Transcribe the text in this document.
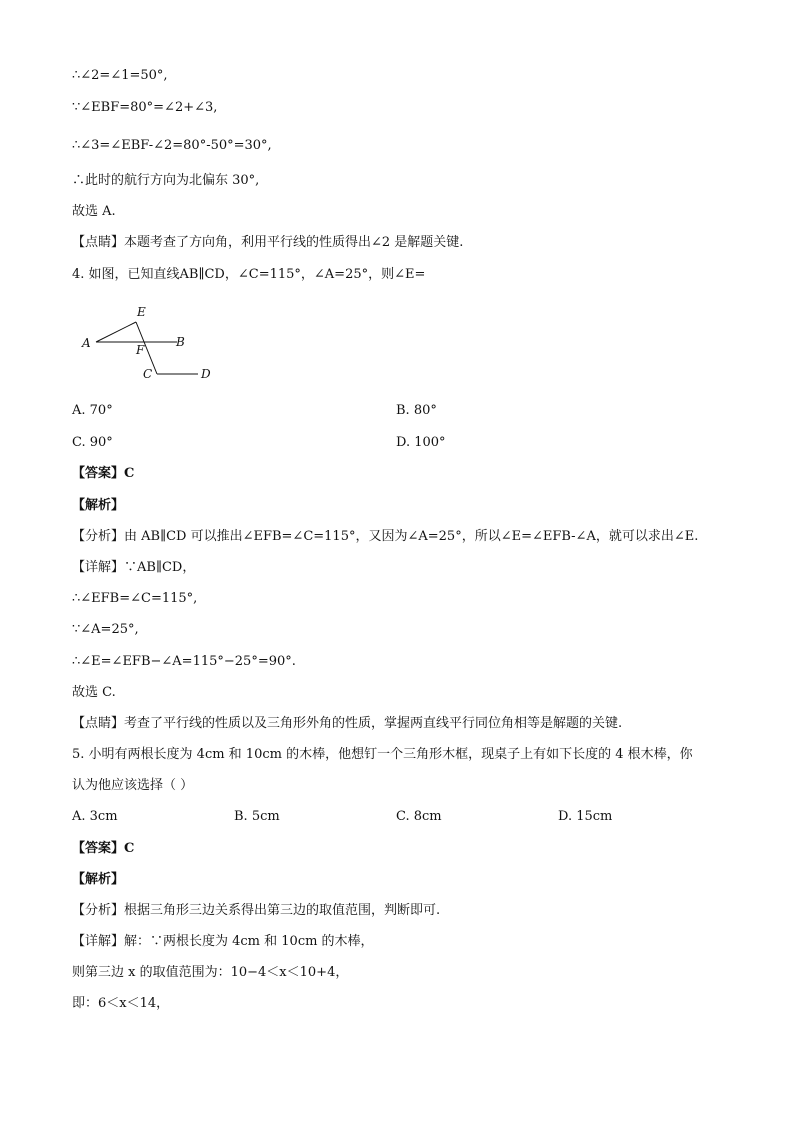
∴∠2=∠1=50°,

∵∠EBF=80°=∠2+∠3,

∴∠3=∠EBF-∠2=80°-50°=30°,

∴此时的航行方向为北偏东 30°,

故选 A.

【点睛】本题考查了方向角，利用平行线的性质得出∠2 是解题关键.

4. 如图，已知直线AB∥CD，∠C=115°，∠A=25°，则∠E=

E
A	F
B
C	D

A. 70°	B. 80°

C. 90°	D. 100°

【答案】C

【解析】

【分析】由 AB∥CD 可以推出∠EFB=∠C=115°，又因为∠A=25°，所以∠E=∠EFB-∠A，就可以求出∠E.

【详解】∵AB∥CD，

∴∠EFB=∠C=115°,

∵∠A=25°,

∴∠E=∠EFB−∠A=115°−25°=90°.

故选 C.

【点睛】考查了平行线的性质以及三角形外角的性质，掌握两直线平行同位角相等是解题的关键.

5. 小明有两根长度为 4cm 和 10cm 的木棒，他想钉一个三角形木框，现桌子上有如下长度的 4 根木棒，你

认为他应该选择（ ）

A. 3cm	B. 5cm	C. 8cm	D. 15cm

【答案】C

【解析】

【分析】根据三角形三边关系得出第三边的取值范围，判断即可.

【详解】解：∵两根长度为 4cm 和 10cm 的木棒，

则第三边 x 的取值范围为：10−4＜x＜10+4，

即：6＜x＜14，
